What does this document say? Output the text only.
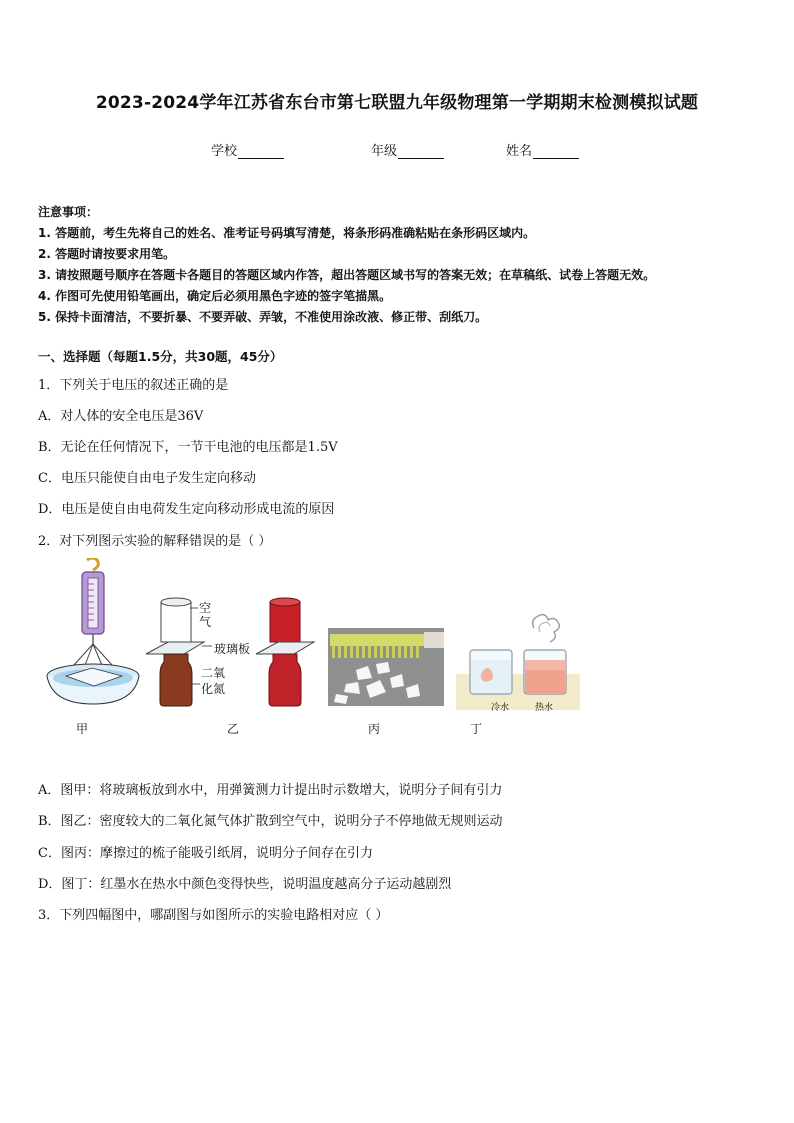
2023-2024学年江苏省东台市第七联盟九年级物理第一学期期末检测模拟试题
学校	年级	姓名
注意事项：
1. 答题前，考生先将自己的姓名、准考证号码填写清楚，将条形码准确粘贴在条形码区域内。
2. 答题时请按要求用笔。
3. 请按照题号顺序在答题卡各题目的答题区域内作答，超出答题区域书写的答案无效；在草稿纸、试卷上答题无效。
4. 作图可先使用铅笔画出，确定后必须用黑色字迹的签字笔描黑。
5. 保持卡面清洁，不要折暴、不要弄破、弄皱，不准使用涂改液、修正带、刮纸刀。
一、选择题（每题1.5分，共30题，45分）
1．下列关于电压的叙述正确的是
A．对人体的安全电压是36V
B．无论在任何情况下，一节干电池的电压都是1.5V
C．电压只能使自由电子发生定向移动
D．电压是使自由电荷发生定向移动形成电流的原因
2．对下列图示实验的解释错误的是（ ）
甲
空
气
玻璃板
二氧
化氮
乙	丙
冷水	热水
丁
A．图甲：将玻璃板放到水中，用弹簧测力计提出时示数增大，说明分子间有引力
B．图乙：密度较大的二氧化氮气体扩散到空气中，说明分子不停地做无规则运动
C．图丙：摩擦过的梳子能吸引纸屑，说明分子间存在引力
D．图丁：红墨水在热水中颜色变得快些，说明温度越高分子运动越剧烈
3．下列四幅图中，哪副图与如图所示的实验电路相对应（ ）
